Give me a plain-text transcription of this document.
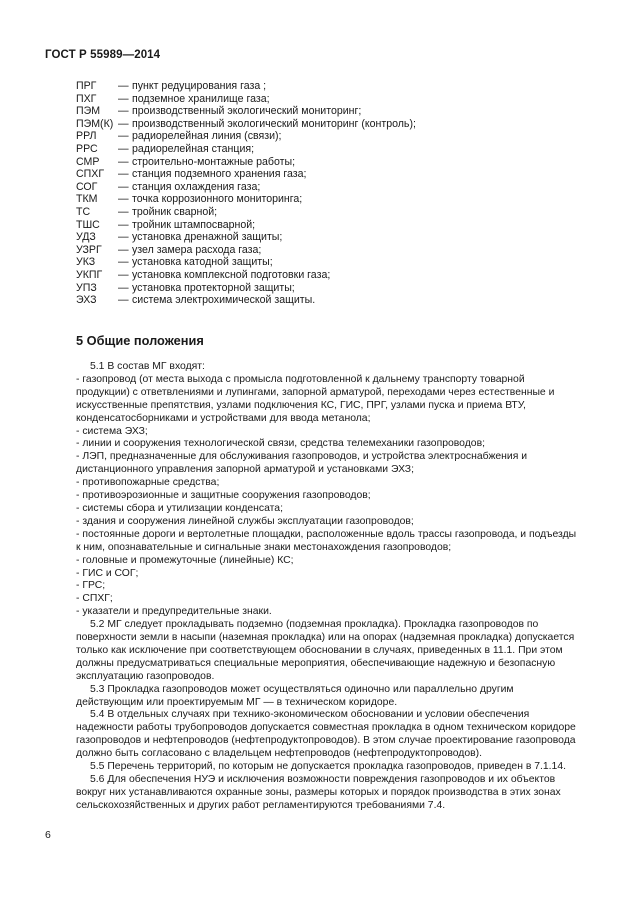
ГОСТ Р 55989—2014
ПРГ	— пункт редуцирования газа ;
ПХГ	— подземное хранилище газа;
ПЭМ	— производственный экологический мониторинг;
ПЭМ(К) — производственный экологический мониторинг (контроль);
РРЛ	— радиорелейная линия (связи);
РРС	— радиорелейная станция;
СМР	— строительно-монтажные работы;
СПХГ	— станция подземного хранения газа;
СОГ	— станция охлаждения газа;
ТКМ	— точка коррозионного мониторинга;
ТС	— тройник сварной;
ТШС	— тройник штампосварной;
УДЗ	— установка дренажной защиты;
УЗРГ	— узел замера расхода газа;
УКЗ	— установка катодной защиты;
УКПГ	— установка комплексной подготовки газа;
УПЗ	— установка протекторной защиты;
ЭХЗ	— система электрохимической защиты.
5 Общие положения

5.1 В состав МГ входят:

- газопровод (от места выхода с промысла подготовленной к дальнему транспорту товарной продукции) с ответвлениями и лупингами, запорной арматурой, переходами через естественные и искусственные препятствия, узлами подключения КС, ГИС, ПРГ, узлами пуска и приема ВТУ, конденсатосборниками и устройствами для ввода метанола;

- система ЭХЗ;

- линии и сооружения технологической связи, средства телемеханики газопроводов;

- ЛЭП, предназначенные для обслуживания газопроводов, и устройства электроснабжения и дистанционного управления запорной арматурой и установками ЭХЗ;

- противопожарные средства;

- противоэрозионные и защитные сооружения газопроводов;

- системы сбора и утилизации конденсата;

- здания и сооружения линейной службы эксплуатации газопроводов;

- постоянные дороги и вертолетные площадки, расположенные вдоль трассы газопровода, и подъезды к ним, опознавательные и сигнальные знаки местонахождения газопроводов;

- головные и промежуточные (линейные) КС;

- ГИС и СОГ;

- ГРС;

- СПХГ;

- указатели и предупредительные знаки.

5.2 МГ следует прокладывать подземно (подземная прокладка). Прокладка газопроводов по поверхности земли в насыпи (наземная прокладка) или на опорах (надземная прокладка) допускается только как исключение при соответствующем обосновании в случаях, приведенных в 11.1. При этом должны предусматриваться специальные мероприятия, обеспечивающие надежную и безопасную эксплуатацию газопроводов.

5.3 Прокладка газопроводов может осуществляться одиночно или параллельно другим действующим или проектируемым МГ — в техническом коридоре.

5.4 В отдельных случаях при технико-экономическом обосновании и условии обеспечения надежности работы трубопроводов допускается совместная прокладка в одном техническом коридоре газопроводов и нефтепроводов (нефтепродуктопроводов). В этом случае проектирование газопровода должно быть согласовано с владельцем нефтепроводов (нефтепродуктопроводов).

5.5 Перечень территорий, по которым не допускается прокладка газопроводов, приведен в 7.1.14.

5.6 Для обеспечения НУЭ и исключения возможности повреждения газопроводов и их объектов вокруг них устанавливаются охранные зоны, размеры которых и порядок производства в этих зонах сельскохозяйственных и других работ регламентируются требованиями 7.4.

6
